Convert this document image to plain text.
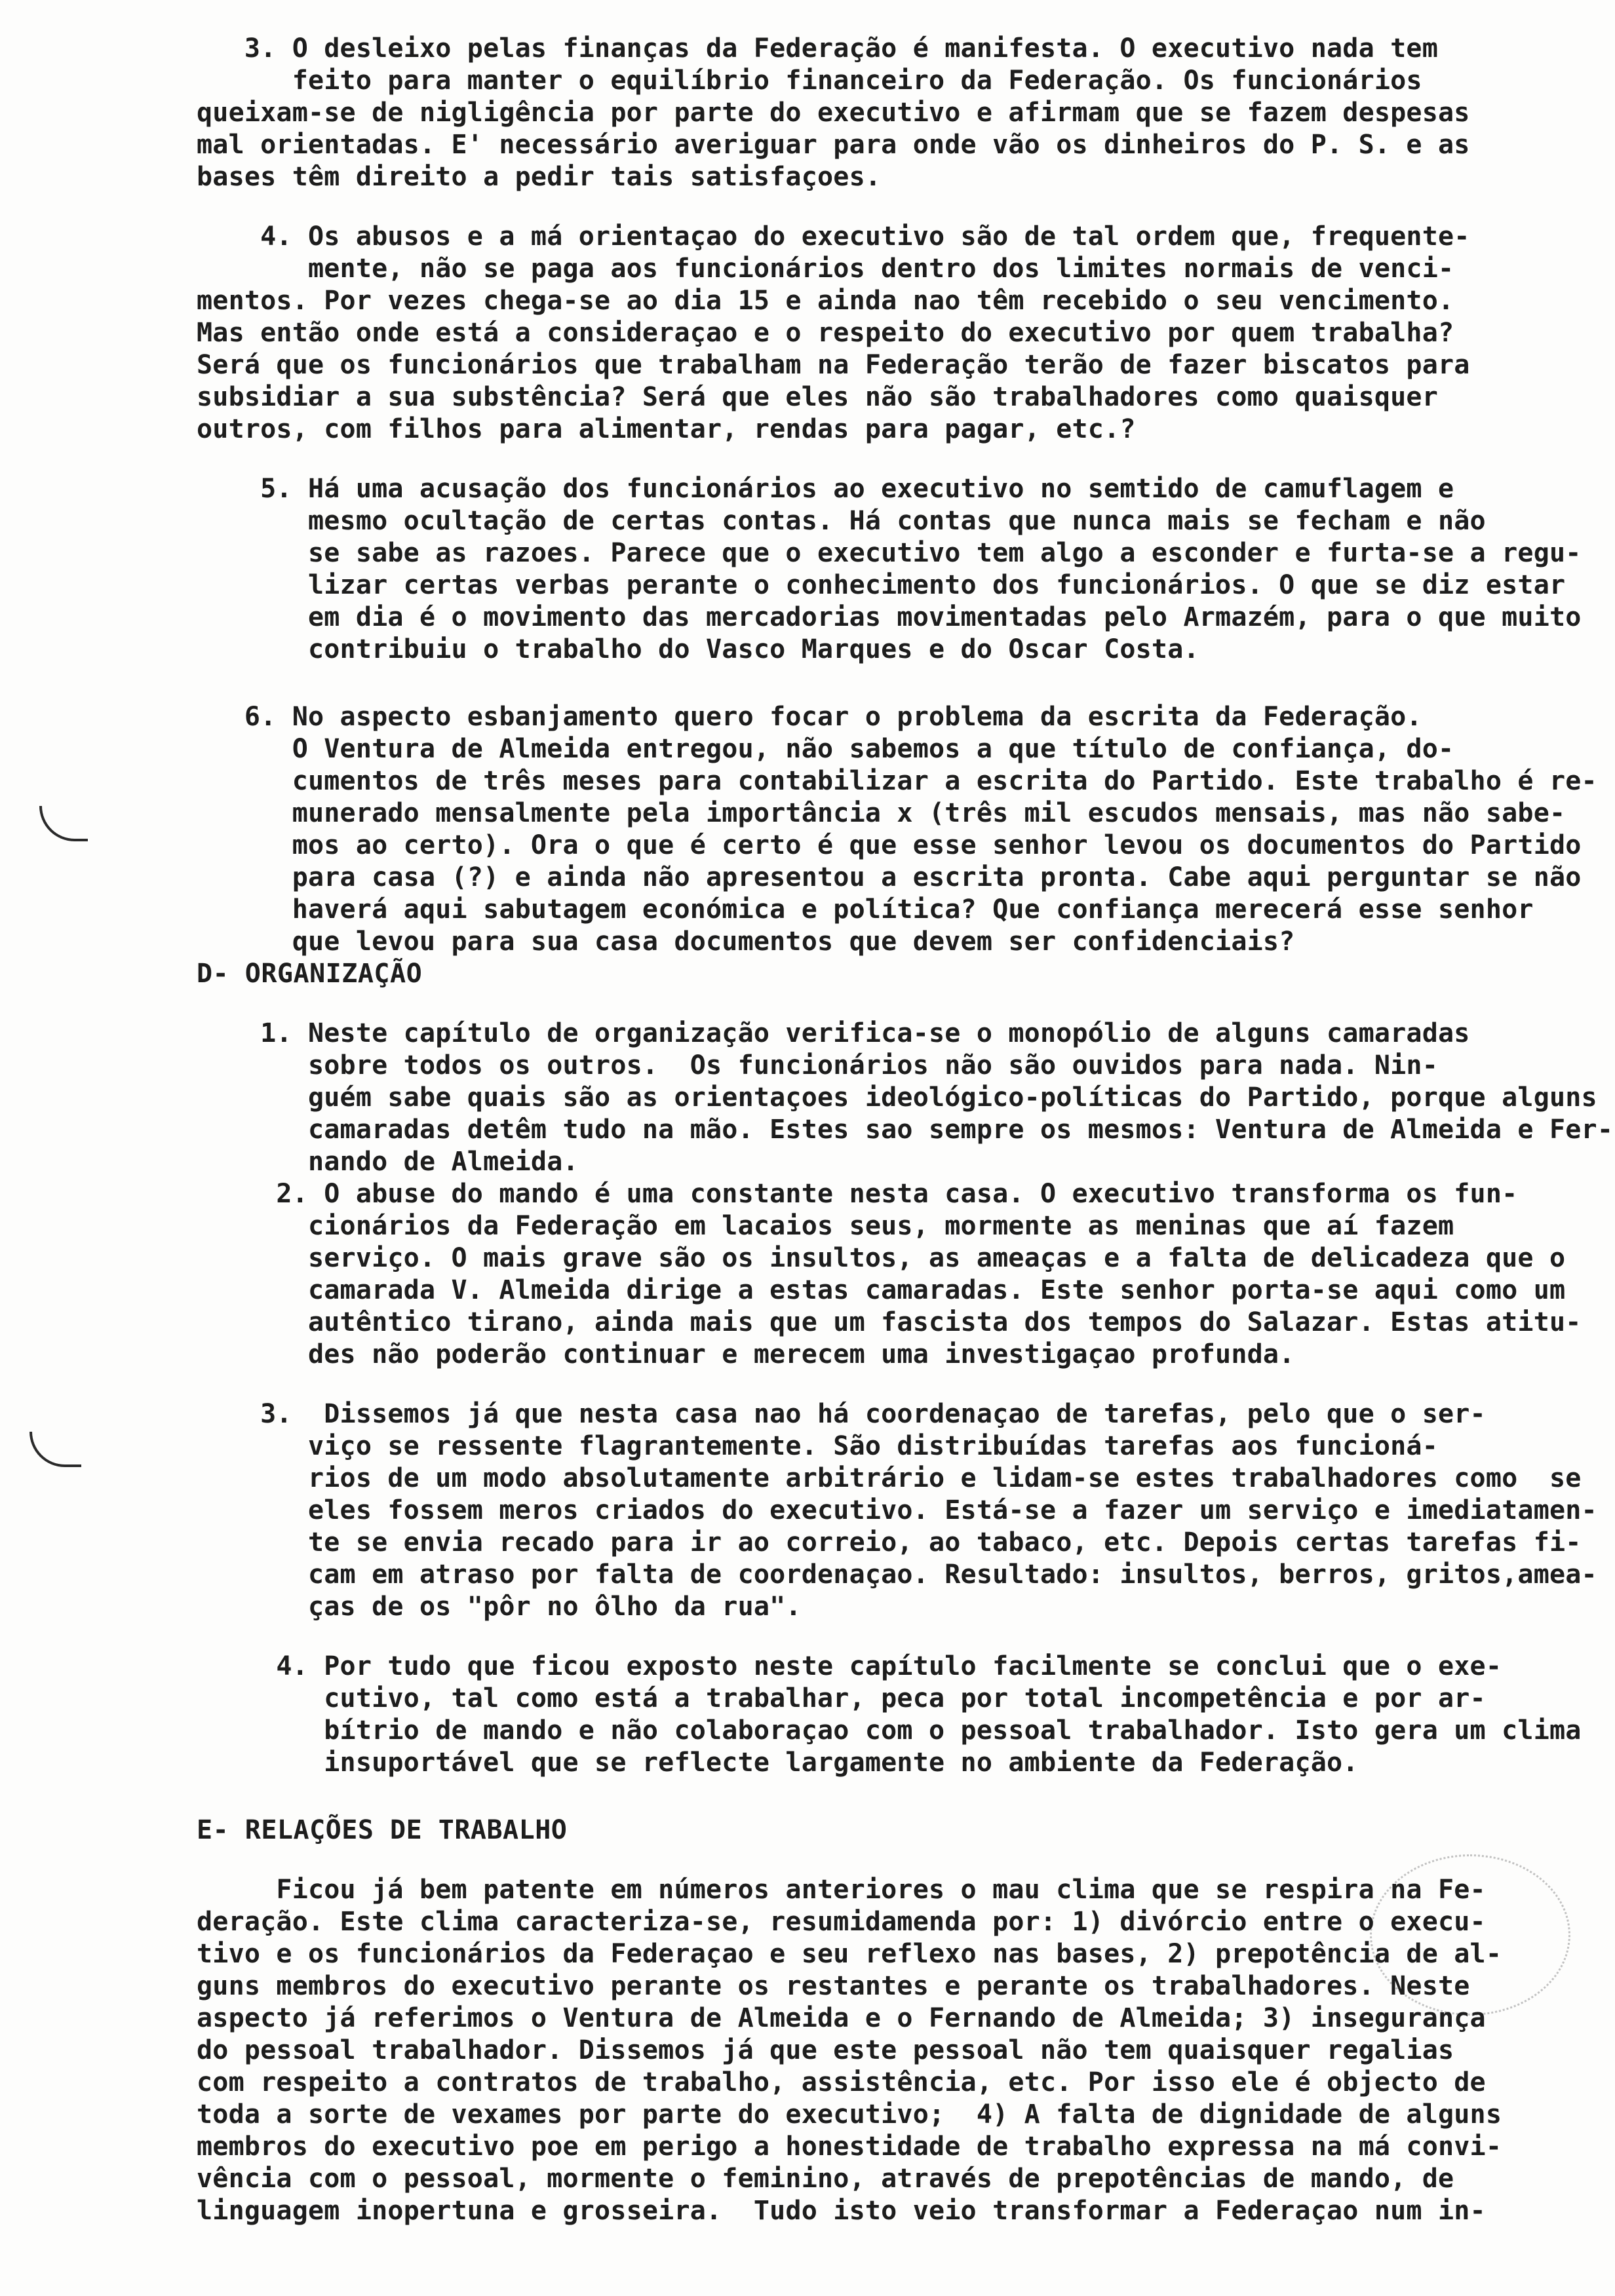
3. O desleixo pelas finanças da Federação é manifesta. O executivo nada tem

feito para manter o equilíbrio financeiro da Federação. Os funcionários

queixam-se de nigligência por parte do executivo e afirmam que se fazem despesas

mal orientadas. E' necessário averiguar para onde vão os dinheiros do P. S. e as

bases têm direito a pedir tais satisfaçoes.

4. Os abusos e a má orientaçao do executivo são de tal ordem que, frequente-

mente, não se paga aos funcionários dentro dos limites normais de venci-

mentos. Por vezes chega-se ao dia 15 e ainda nao têm recebido o seu vencimento.

Mas então onde está a consideraçao e o respeito do executivo por quem trabalha?

Será que os funcionários que trabalham na Federação terão de fazer biscatos para

subsidiar a sua substência? Será que eles não são trabalhadores como quaisquer

outros, com filhos para alimentar, rendas para pagar, etc.?

5. Há uma acusação dos funcionários ao executivo no semtido de camuflagem e

mesmo ocultação de certas contas. Há contas que nunca mais se fecham e não

se sabe as razoes. Parece que o executivo tem algo a esconder e furta-se a regu-

lizar certas verbas perante o conhecimento dos funcionários. O que se diz estar

em dia é o movimento das mercadorias movimentadas pelo Armazém, para o que muito

contribuiu o trabalho do Vasco Marques e do Oscar Costa.

6. No aspecto esbanjamento quero focar o problema da escrita da Federação.

O Ventura de Almeida entregou, não sabemos a que título de confiança, do-

cumentos de três meses para contabilizar a escrita do Partido. Este trabalho é re-

munerado mensalmente pela importância x (três mil escudos mensais, mas não sabe-

mos ao certo). Ora o que é certo é que esse senhor levou os documentos do Partido

para casa (?) e ainda não apresentou a escrita pronta. Cabe aqui perguntar se não

haverá aqui sabutagem económica e política? Que confiança merecerá esse senhor

que levou para sua casa documentos que devem ser confidenciais?

D- ORGANIZAÇÃO

1. Neste capítulo de organização verifica-se o monopólio de alguns camaradas

sobre todos os outros.  Os funcionários não são ouvidos para nada. Nin-

guém sabe quais são as orientaçoes ideológico-políticas do Partido, porque alguns

camaradas detêm tudo na mão. Estes sao sempre os mesmos: Ventura de Almeida e Fer-

nando de Almeida.

2. O abuse do mando é uma constante nesta casa. O executivo transforma os fun-

cionários da Federação em lacaios seus, mormente as meninas que aí fazem

serviço. O mais grave são os insultos, as ameaças e a falta de delicadeza que o

camarada V. Almeida dirige a estas camaradas. Este senhor porta-se aqui como um

autêntico tirano, ainda mais que um fascista dos tempos do Salazar. Estas atitu-

des não poderão continuar e merecem uma investigaçao profunda.

3.  Dissemos já que nesta casa nao há coordenaçao de tarefas, pelo que o ser-

viço se ressente flagrantemente. São distribuídas tarefas aos funcioná-

rios de um modo absolutamente arbitrário e lidam-se estes trabalhadores como  se

eles fossem meros criados do executivo. Está-se a fazer um serviço e imediatamen-

te se envia recado para ir ao correio, ao tabaco, etc. Depois certas tarefas fi-

cam em atraso por falta de coordenaçao. Resultado: insultos, berros, gritos,amea-

ças de os "pôr no ôlho da rua".

4. Por tudo que ficou exposto neste capítulo facilmente se conclui que o exe-

cutivo, tal como está a trabalhar, peca por total incompetência e por ar-

bítrio de mando e não colaboraçao com o pessoal trabalhador. Isto gera um clima

insuportável que se reflecte largamente no ambiente da Federação.

E- RELAÇÕES DE TRABALHO

Ficou já bem patente em números anteriores o mau clima que se respira na Fe-

deração. Este clima caracteriza-se, resumidamenda por: 1) divórcio entre o execu-

tivo e os funcionários da Federaçao e seu reflexo nas bases, 2) prepotência de al-

guns membros do executivo perante os restantes e perante os trabalhadores. Neste

aspecto já referimos o Ventura de Almeida e o Fernando de Almeida; 3) insegurança

do pessoal trabalhador. Dissemos já que este pessoal não tem quaisquer regalias

com respeito a contratos de trabalho, assistência, etc. Por isso ele é objecto de

toda a sorte de vexames por parte do executivo;  4) A falta de dignidade de alguns

membros do executivo poe em perigo a honestidade de trabalho expressa na má convi-

vência com o pessoal, mormente o feminino, através de prepotências de mando, de

linguagem inopertuna e grosseira.  Tudo isto veio transformar a Federaçao num in-
